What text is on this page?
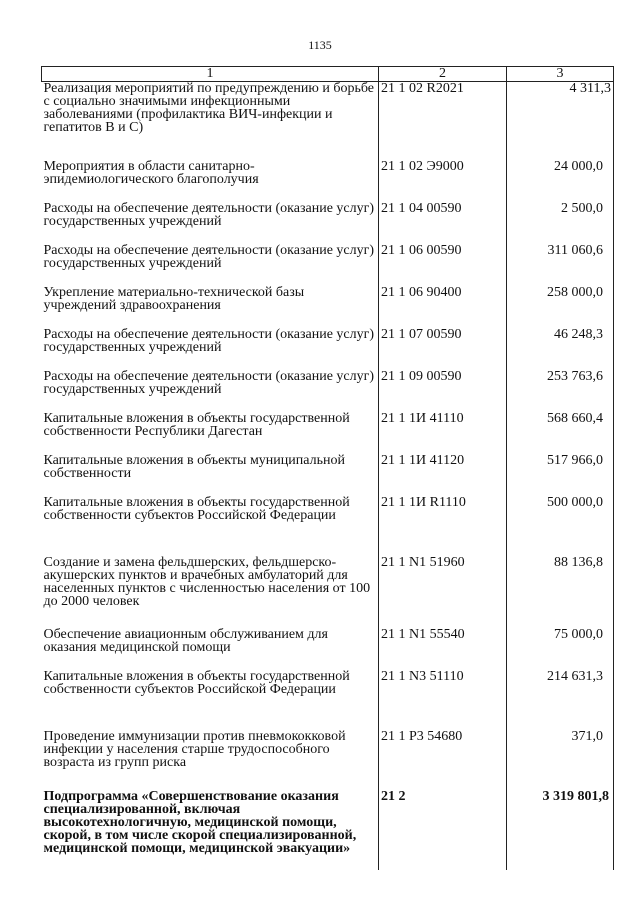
1135
1	2	3
Реализация мероприятий по предупреждению и борьбе с социально значимыми инфекционными заболеваниями (профилактика ВИЧ-инфекции и гепатитов В и С)	21 1 02 R2021	4 311,3
Мероприятия в области санитарно-эпидемиологического благополучия	21 1 02 Э9000	24 000,0
Расходы на обеспечение деятельности (оказание услуг) государственных учреждений	21 1 04 00590	2 500,0
Расходы на обеспечение деятельности (оказание услуг) государственных учреждений	21 1 06 00590	311 060,6
Укрепление материально-технической базы учреждений здравоохранения	21 1 06 90400	258 000,0
Расходы на обеспечение деятельности (оказание услуг) государственных учреждений	21 1 07 00590	46 248,3
Расходы на обеспечение деятельности (оказание услуг) государственных учреждений	21 1 09 00590	253 763,6
Капитальные вложения в объекты государственной собственности Республики Дагестан	21 1 1И 41110	568 660,4
Капитальные вложения в объекты муниципальной собственности	21 1 1И 41120	517 966,0
Капитальные вложения в объекты государственной собственности субъектов Российской Федерации	21 1 1И R1110	500 000,0
Создание и замена фельдшерских, фельдшерско-акушерских пунктов и врачебных амбулаторий для населенных пунктов с численностью населения от 100 до 2000 человек	21 1 N1 51960	88 136,8
Обеспечение авиационным обслуживанием для оказания медицинской помощи	21 1 N1 55540	75 000,0
Капитальные вложения в объекты государственной собственности субъектов Российской Федерации	21 1 N3 51110	214 631,3
Проведение иммунизации против пневмококковой инфекции у населения старше трудоспособного возраста из групп риска	21 1 P3 54680	371,0
Подпрограмма «Совершенствование оказания специализированной, включая высокотехнологичную, медицинской помощи, скорой, в том числе скорой специализированной, медицинской помощи, медицинской эвакуации»	21 2	3 319 801,8
